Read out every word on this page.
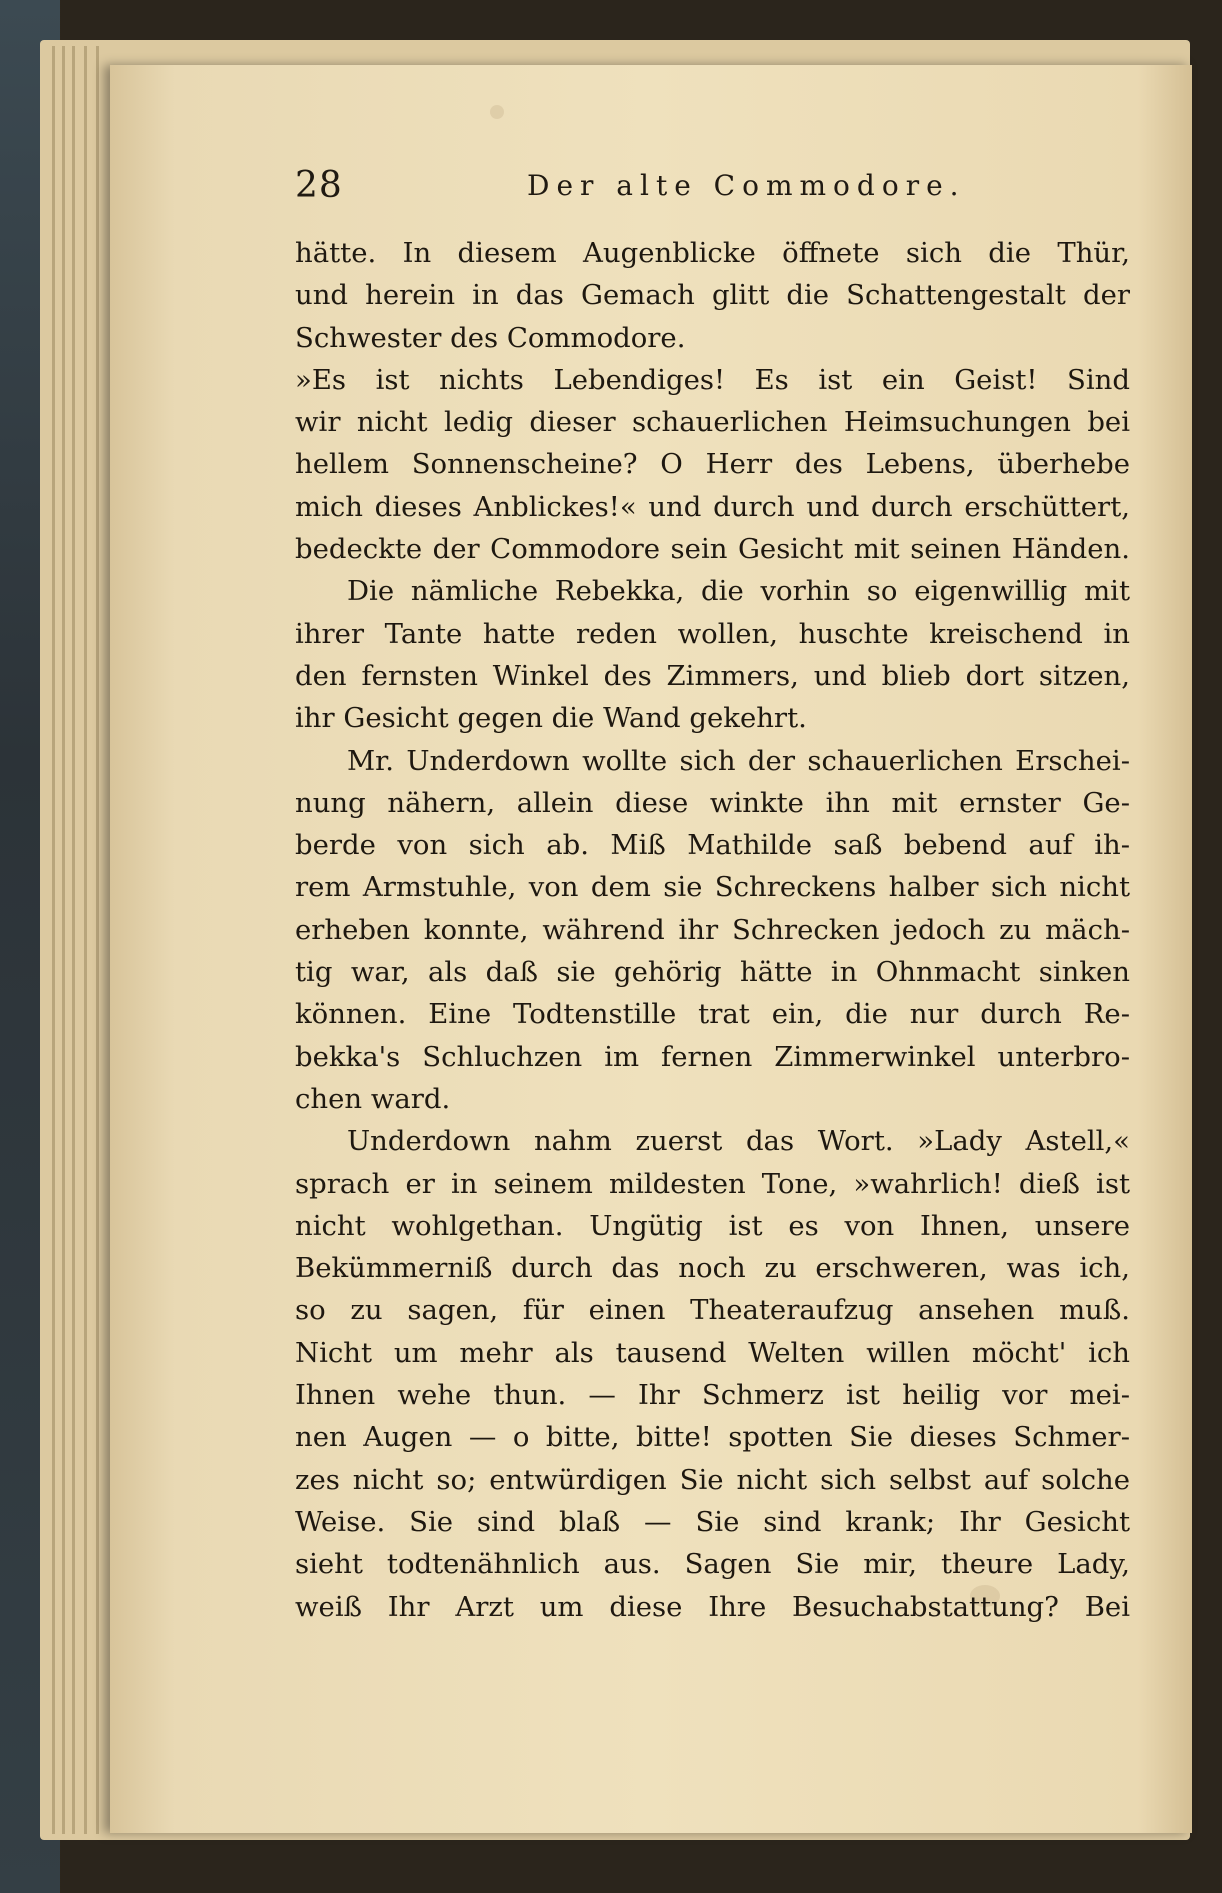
28	Der alte Commodore.
hätte. In diesem Augenblicke öffnete sich die Thür,
und herein in das Gemach glitt die Schattengestalt der
Schwester des Commodore.
»Es ist nichts Lebendiges! Es ist ein Geist! Sind
wir nicht ledig dieser schauerlichen Heimsuchungen bei
hellem Sonnenscheine? O Herr des Lebens, überhebe
mich dieses Anblickes!« und durch und durch erschüttert,
bedeckte der Commodore sein Gesicht mit seinen Händen.
Die nämliche Rebekka, die vorhin so eigenwillig mit
ihrer Tante hatte reden wollen, huschte kreischend in
den fernsten Winkel des Zimmers, und blieb dort sitzen,
ihr Gesicht gegen die Wand gekehrt.
Mr. Underdown wollte sich der schauerlichen Erschei-
nung nähern, allein diese winkte ihn mit ernster Ge-
berde von sich ab. Miß Mathilde saß bebend auf ih-
rem Armstuhle, von dem sie Schreckens halber sich nicht
erheben konnte, während ihr Schrecken jedoch zu mäch-
tig war, als daß sie gehörig hätte in Ohnmacht sinken
können. Eine Todtenstille trat ein, die nur durch Re-
bekka's Schluchzen im fernen Zimmerwinkel unterbro-
chen ward.
Underdown nahm zuerst das Wort. »Lady Astell,«
sprach er in seinem mildesten Tone, »wahrlich! dieß ist
nicht wohlgethan. Ungütig ist es von Ihnen, unsere
Bekümmerniß durch das noch zu erschweren, was ich,
so zu sagen, für einen Theateraufzug ansehen muß.
Nicht um mehr als tausend Welten willen möcht' ich
Ihnen wehe thun. — Ihr Schmerz ist heilig vor mei-
nen Augen — o bitte, bitte! spotten Sie dieses Schmer-
zes nicht so; entwürdigen Sie nicht sich selbst auf solche
Weise. Sie sind blaß — Sie sind krank; Ihr Gesicht
sieht todtenähnlich aus. Sagen Sie mir, theure Lady,
weiß Ihr Arzt um diese Ihre Besuchabstattung? Bei
